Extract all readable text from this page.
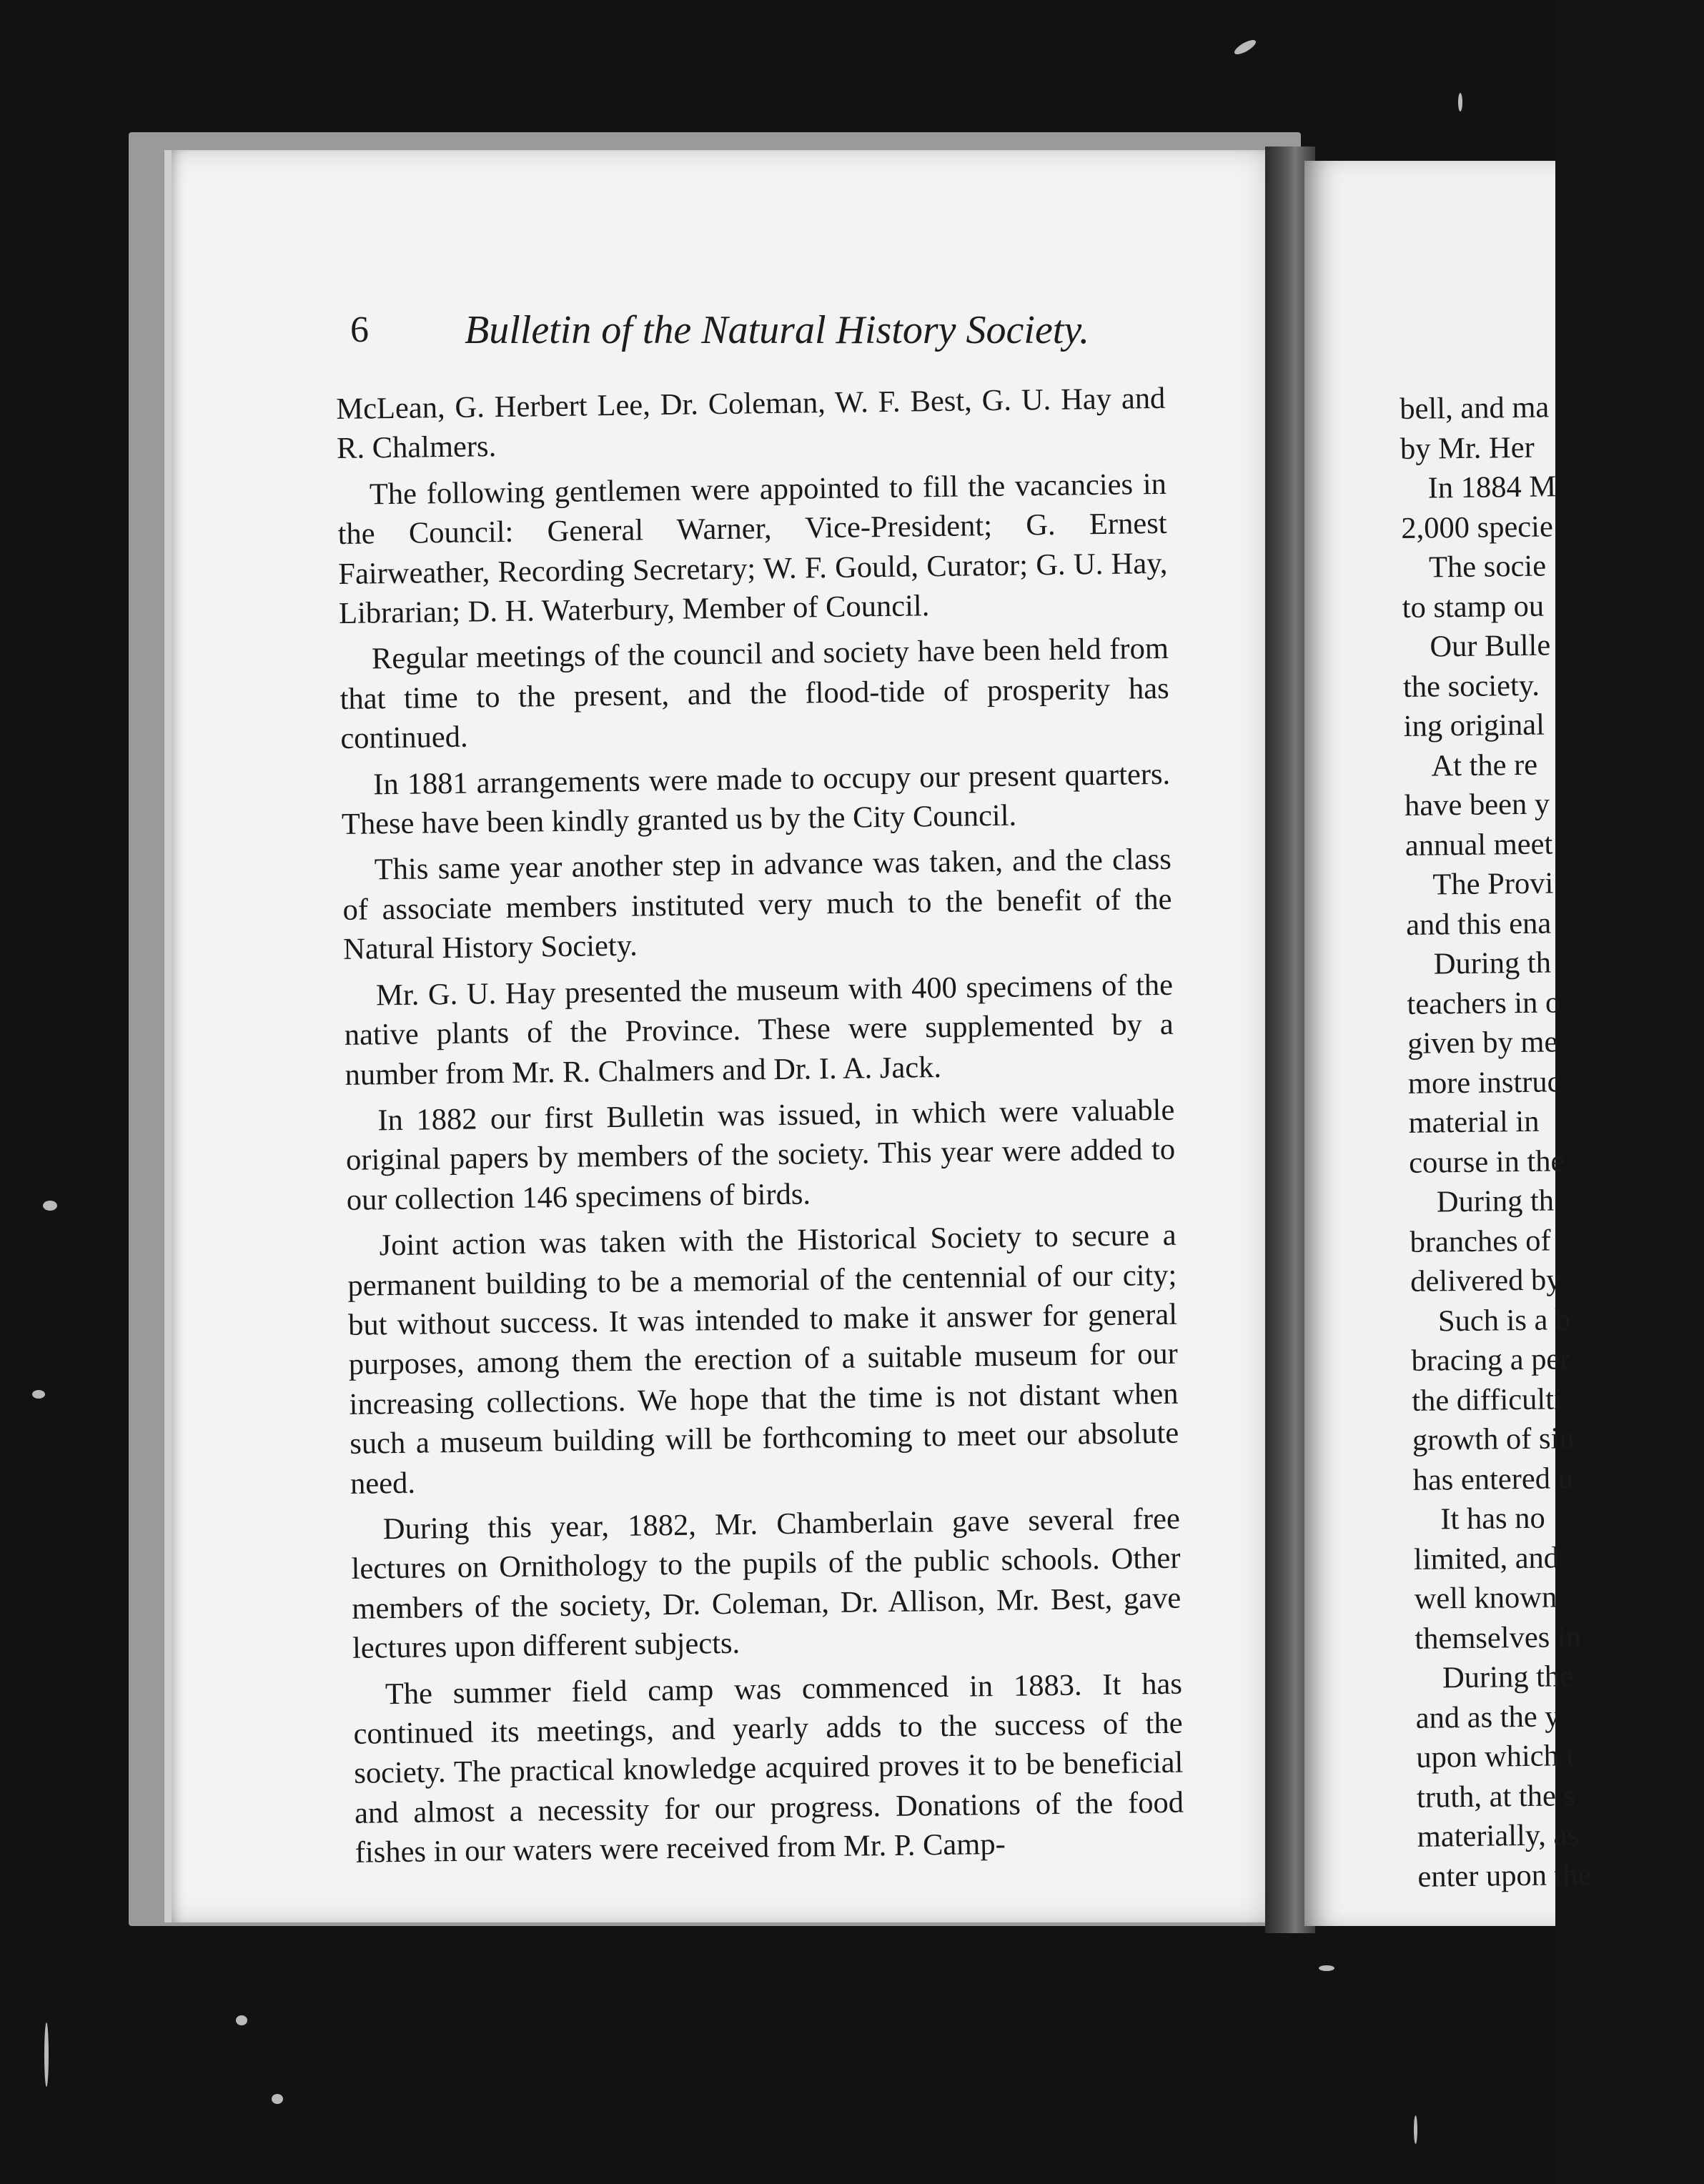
6 Bulletin of the Natural History Society.

McLean, G. Herbert Lee, Dr. Coleman, W. F. Best, G. U. Hay and R. Chalmers.

The following gentlemen were appointed to fill the vacancies in the Council: General Warner, Vice-President; G. Ernest Fairweather, Recording Secretary; W. F. Gould, Curator; G. U. Hay, Librarian; D. H. Waterbury, Member of Council.

Regular meetings of the council and society have been held from that time to the present, and the flood-tide of prosperity has continued.

In 1881 arrangements were made to occupy our present quarters. These have been kindly granted us by the City Council.

This same year another step in advance was taken, and the class of associate members instituted very much to the benefit of the Natural History Society.

Mr. G. U. Hay presented the museum with 400 specimens of the native plants of the Province. These were supplemented by a number from Mr. R. Chalmers and Dr. I. A. Jack.

In 1882 our first Bulletin was issued, in which were valuable original papers by members of the society. This year were added to our collection 146 specimens of birds.

Joint action was taken with the Historical Society to secure a permanent building to be a memorial of the centennial of our city; but without success. It was intended to make it answer for general purposes, among them the erection of a suitable museum for our increasing collections. We hope that the time is not distant when such a museum building will be forthcoming to meet our absolute need.

During this year, 1882, Mr. Chamberlain gave several free lectures on Ornithology to the pupils of the public schools. Other members of the society, Dr. Coleman, Dr. Allison, Mr. Best, gave lectures upon different subjects.

The summer field camp was commenced in 1883. It has continued its meetings, and yearly adds to the success of the society. The practical knowledge acquired proves it to be beneficial and almost a necessity for our progress. Donations of the food fishes in our waters were received from Mr. P. Camp-

bell, and ma
by Mr. Her
In 1884 M
2,000 specie
The socie
to stamp ou
Our Bulle
the society.
ing original
At the re
have been y
annual meet
The Provi
and this ena
During th
teachers in o
given by me
more instruc
material in
course in the
During th
branches of
delivered by
Such is a b
bracing a per
the difficulti
growth of sin
has entered u
It has no
limited, and
well known
themselves in
During the
and as the y
upon which t
truth, at the s
materially, as
enter upon the
